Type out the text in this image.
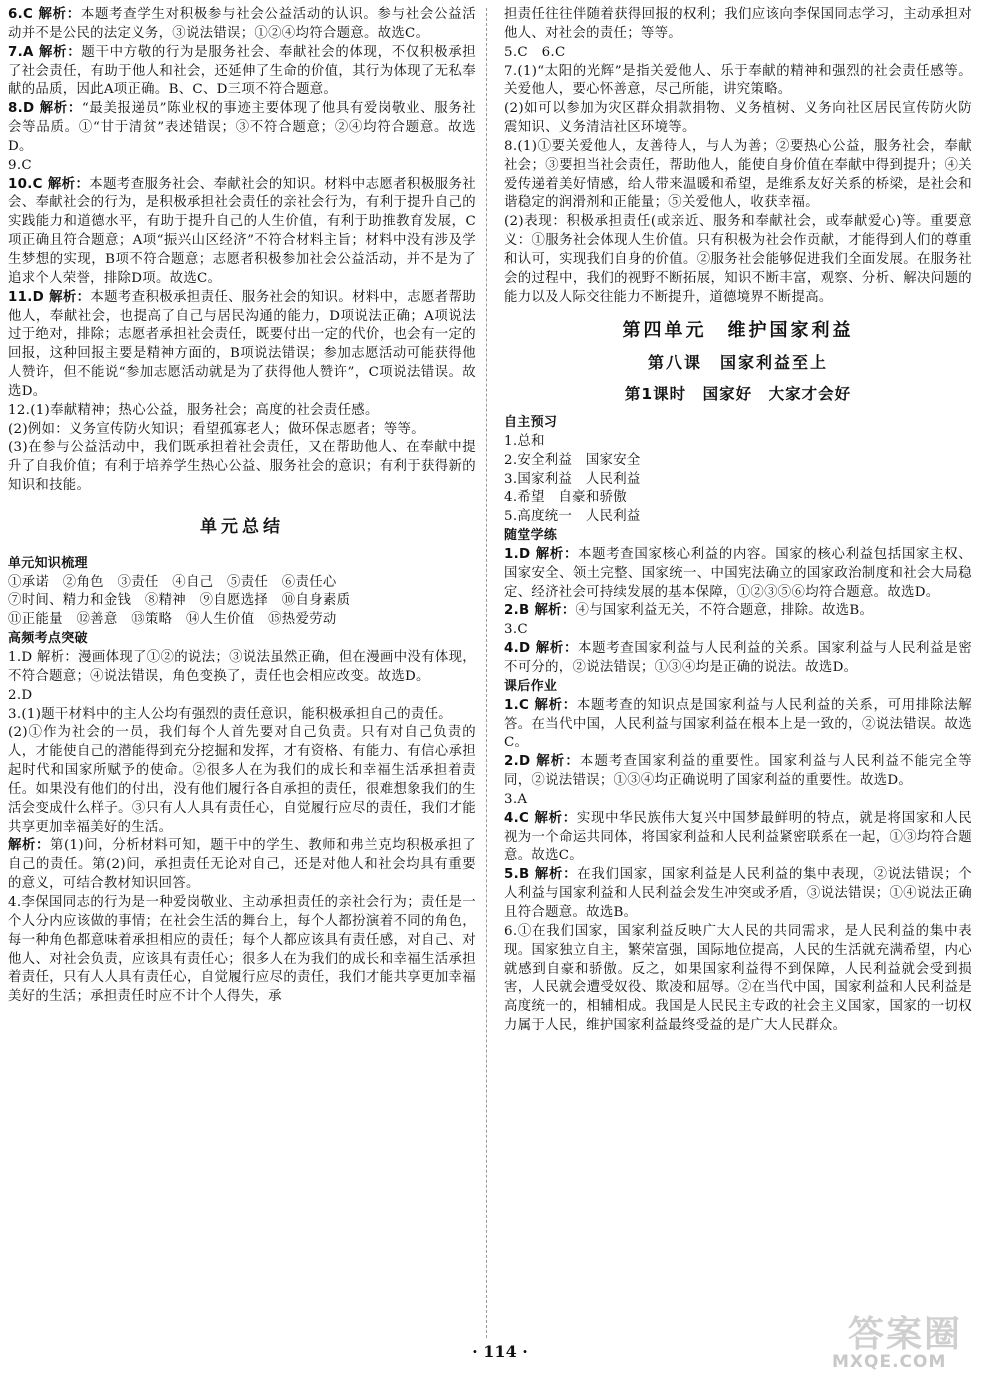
6.C 解析：本题考查学生对积极参与社会公益活动的认识。参与社会公益活动并不是公民的法定义务，③说法错误；①②④均符合题意。故选C。

7.A 解析：题干中方敬的行为是服务社会、奉献社会的体现，不仅积极承担了社会责任，有助于他人和社会，还延伸了生命的价值，其行为体现了无私奉献的品质，因此A项正确。B、C、D三项不符合题意。

8.D 解析：“最美报递员”陈业权的事迹主要体现了他具有爱岗敬业、服务社会等品质。①“甘于清贫”表述错误；③不符合题意；②④均符合题意。故选D。

9.C

10.C 解析：本题考查服务社会、奉献社会的知识。材料中志愿者积极服务社会、奉献社会的行为，是积极承担社会责任的亲社会行为，有利于提升自己的实践能力和道德水平，有助于提升自己的人生价值，有利于助推教育发展，C项正确且符合题意；A项“振兴山区经济”不符合材料主旨；材料中没有涉及学生梦想的实现，B项不符合题意；志愿者积极参加社会公益活动，并不是为了追求个人荣誉，排除D项。故选C。

11.D 解析：本题考查积极承担责任、服务社会的知识。材料中，志愿者帮助他人，奉献社会，也提高了自己与居民沟通的能力，D项说法正确；A项说法过于绝对，排除；志愿者承担社会责任，既要付出一定的代价，也会有一定的回报，这种回报主要是精神方面的，B项说法错误；参加志愿活动可能获得他人赞许，但不能说“参加志愿活动就是为了获得他人赞许”，C项说法错误。故选D。

12.(1)奉献精神；热心公益，服务社会；高度的社会责任感。

(2)例如：义务宣传防火知识；看望孤寡老人；做环保志愿者；等等。

(3)在参与公益活动中，我们既承担着社会责任，又在帮助他人、在奉献中提升了自我价值；有利于培养学生热心公益、服务社会的意识；有利于获得新的知识和技能。

单元总结

单元知识梳理

①承诺　②角色　③责任　④自己　⑤责任　⑥责任心

⑦时间、精力和金钱　⑧精神　⑨自愿选择　⑩自身素质

⑪正能量　⑫善意　⑬策略　⑭人生价值　⑮热爱劳动

高频考点突破

1.D 解析：漫画体现了①②的说法；③说法虽然正确，但在漫画中没有体现，不符合题意；④说法错误，角色变换了，责任也会相应改变。故选D。

2.D

3.(1)题干材料中的主人公均有强烈的责任意识，能积极承担自己的责任。

(2)①作为社会的一员，我们每个人首先要对自己负责。只有对自己负责的人，才能使自己的潜能得到充分挖掘和发挥，才有资格、有能力、有信心承担起时代和国家所赋予的使命。②很多人在为我们的成长和幸福生活承担着责任。如果没有他们的付出，没有他们履行各自承担的责任，很难想象我们的生活会变成什么样子。③只有人人具有责任心，自觉履行应尽的责任，我们才能共享更加幸福美好的生活。

解析：第(1)问，分析材料可知，题干中的学生、教师和弗兰克均积极承担了自己的责任。第(2)问，承担责任无论对自己，还是对他人和社会均具有重要的意义，可结合教材知识回答。

4.李保国同志的行为是一种爱岗敬业、主动承担责任的亲社会行为；责任是一个人分内应该做的事情；在社会生活的舞台上，每个人都扮演着不同的角色，每一种角色都意味着承担相应的责任；每个人都应该具有责任感，对自己、对他人、对社会负责，应该具有责任心；很多人在为我们的成长和幸福生活承担着责任，只有人人具有责任心，自觉履行应尽的责任，我们才能共享更加幸福美好的生活；承担责任时应不计个人得失，承

担责任往往伴随着获得回报的权利；我们应该向李保国同志学习，主动承担对他人、对社会的责任；等等。

5.C　6.C

7.(1)“太阳的光辉”是指关爱他人、乐于奉献的精神和强烈的社会责任感等。关爱他人，要心怀善意，尽己所能，讲究策略。

(2)如可以参加为灾区群众捐款捐物、义务植树、义务向社区居民宣传防火防震知识、义务清洁社区环境等。

8.(1)①要关爱他人，友善待人，与人为善；②要热心公益，服务社会，奉献社会；③要担当社会责任，帮助他人，能使自身价值在奉献中得到提升；④关爱传递着美好情感，给人带来温暖和希望，是维系友好关系的桥梁，是社会和谐稳定的润滑剂和正能量；⑤关爱他人，收获幸福。

(2)表现：积极承担责任(或亲近、服务和奉献社会，或奉献爱心)等。重要意义：①服务社会体现人生价值。只有积极为社会作贡献，才能得到人们的尊重和认可，实现我们自身的价值。②服务社会能够促进我们全面发展。在服务社会的过程中，我们的视野不断拓展，知识不断丰富，观察、分析、解决问题的能力以及人际交往能力不断提升，道德境界不断提高。

第四单元　维护国家利益

第八课　国家利益至上

第1课时　国家好　大家才会好

自主预习

1.总和

2.安全利益　国家安全

3.国家利益　人民利益

4.希望　自豪和骄傲

5.高度统一　人民利益

随堂学练

1.D 解析：本题考查国家核心利益的内容。国家的核心利益包括国家主权、国家安全、领土完整、国家统一、中国宪法确立的国家政治制度和社会大局稳定、经济社会可持续发展的基本保障，①②③⑤⑥均符合题意。故选D。

2.B 解析：④与国家利益无关，不符合题意，排除。故选B。

3.C

4.D 解析：本题考查国家利益与人民利益的关系。国家利益与人民利益是密不可分的，②说法错误；①③④均是正确的说法。故选D。

课后作业

1.C 解析：本题考查的知识点是国家利益与人民利益的关系，可用排除法解答。在当代中国，人民利益与国家利益在根本上是一致的，②说法错误。故选C。

2.D 解析：本题考查国家利益的重要性。国家利益与人民利益不能完全等同，②说法错误；①③④均正确说明了国家利益的重要性。故选D。

3.A

4.C 解析：实现中华民族伟大复兴中国梦最鲜明的特点，就是将国家和人民视为一个命运共同体，将国家利益和人民利益紧密联系在一起，①③均符合题意。故选C。

5.B 解析：在我们国家，国家利益是人民利益的集中表现，②说法错误；个人利益与国家利益和人民利益会发生冲突或矛盾，③说法错误；①④说法正确且符合题意。故选B。

6.①在我们国家，国家利益反映广大人民的共同需求，是人民利益的集中表现。国家独立自主，繁荣富强，国际地位提高，人民的生活就充满希望，内心就感到自豪和骄傲。反之，如果国家利益得不到保障，人民利益就会受到损害，人民就会遭受奴役、欺凌和屈辱。②在当代中国，国家利益和人民利益是高度统一的，相辅相成。我国是人民民主专政的社会主义国家，国家的一切权力属于人民，维护国家利益最终受益的是广大人民群众。

· 114 ·	答案圈
MXQE.COM
